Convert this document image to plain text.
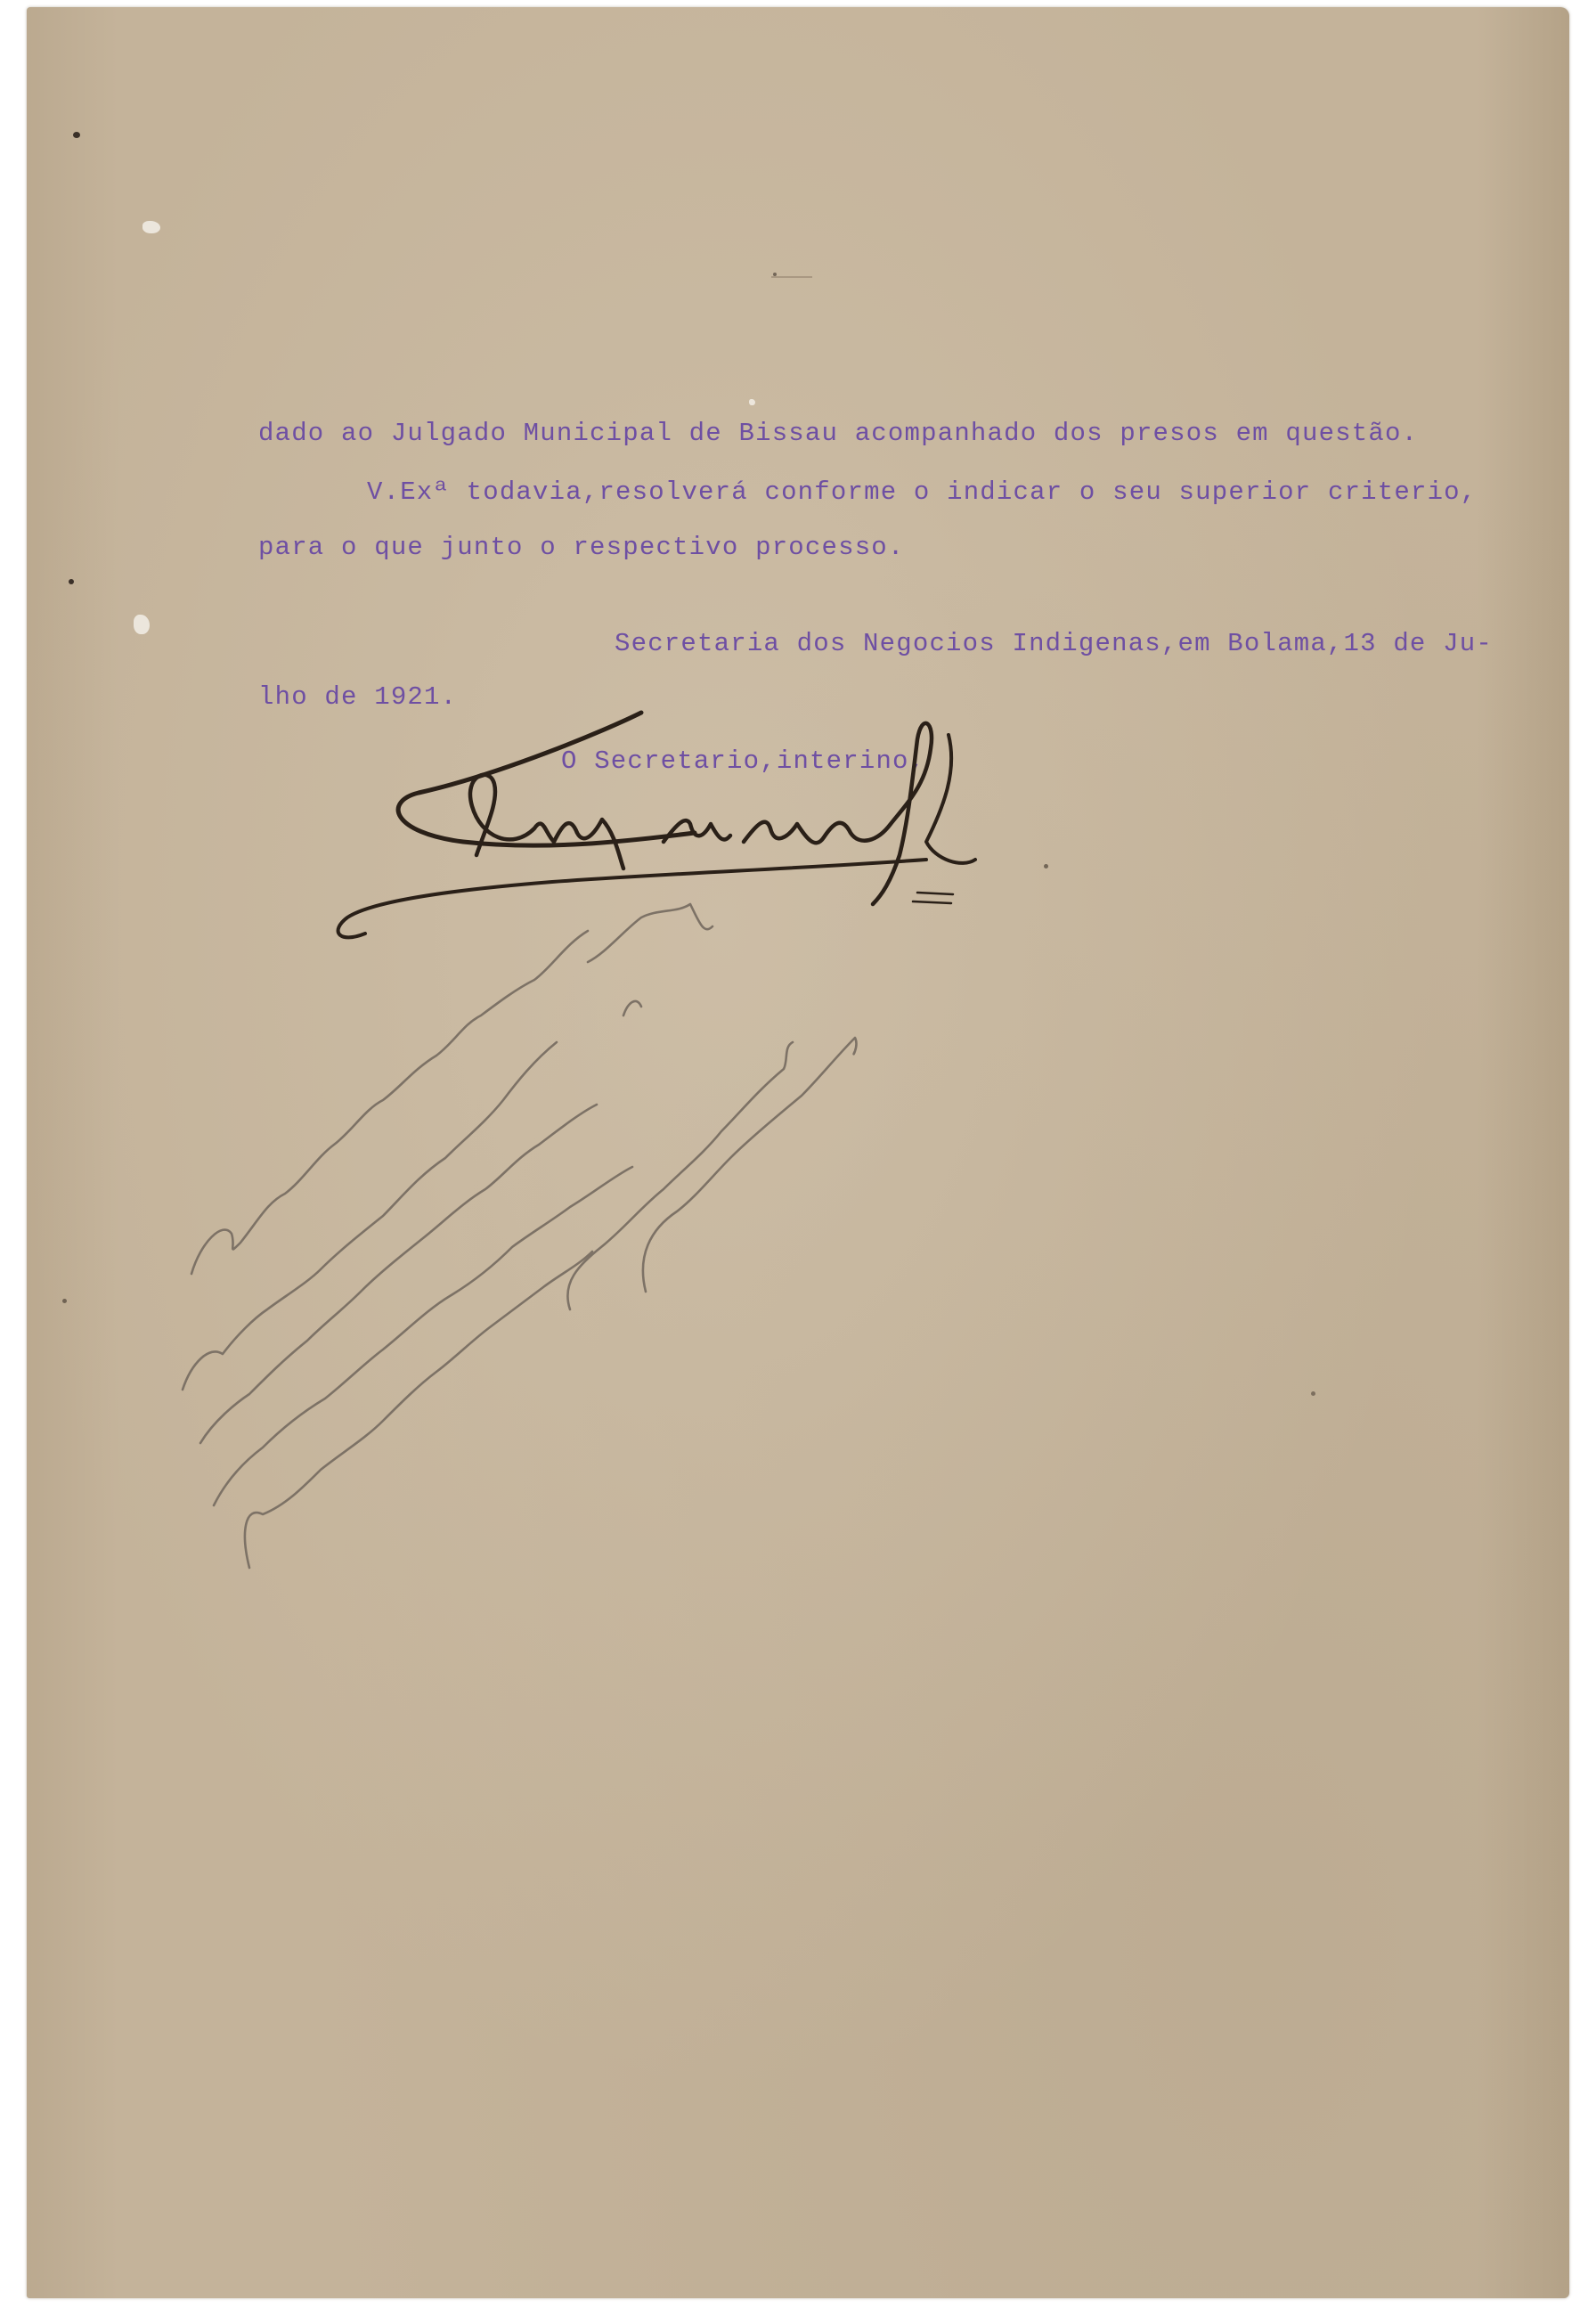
dado ao Julgado Municipal de Bissau acompanhado dos presos em questão.
V.Exª todavia,resolverá conforme o indicar o seu superior criterio,
para o que junto o respectivo processo.
Secretaria dos Negocios Indigenas,em Bolama,13 de Ju-
lho de 1921.
O Secretario,interino,
